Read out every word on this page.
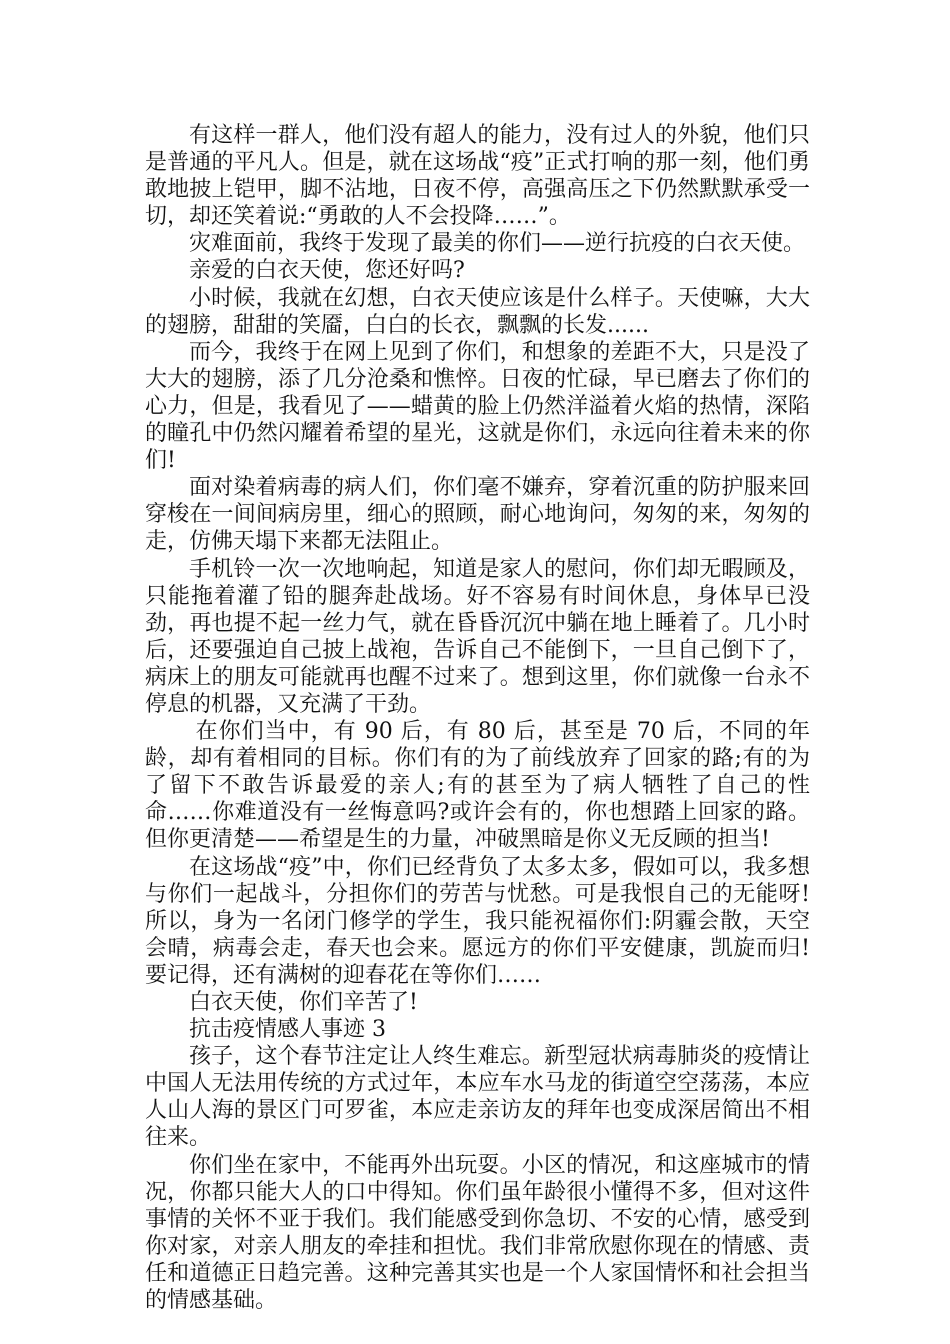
有这样一群人，他们没有超人的能力，没有过人的外貌，他们只是普通的平凡人。但是，就在这场战“疫”正式打响的那一刻，他们勇敢地披上铠甲，脚不沾地，日夜不停，高强高压之下仍然默默承受一切，却还笑着说:“勇敢的人不会投降……”。

灾难面前，我终于发现了最美的你们——逆行抗疫的白衣天使。

亲爱的白衣天使，您还好吗?

小时候，我就在幻想，白衣天使应该是什么样子。天使嘛，大大的翅膀，甜甜的笑靥，白白的长衣，飘飘的长发......

而今，我终于在网上见到了你们，和想象的差距不大，只是没了大大的翅膀，添了几分沧桑和憔悴。日夜的忙碌，早已磨去了你们的心力，但是，我看见了——蜡黄的脸上仍然洋溢着火焰的热情，深陷的瞳孔中仍然闪耀着希望的星光，这就是你们，永远向往着未来的你们!

面对染着病毒的病人们，你们毫不嫌弃，穿着沉重的防护服来回穿梭在一间间病房里，细心的照顾，耐心地询问，匆匆的来，匆匆的走，仿佛天塌下来都无法阻止。

手机铃一次一次地响起，知道是家人的慰问，你们却无暇顾及，只能拖着灌了铅的腿奔赴战场。好不容易有时间休息，身体早已没劲，再也提不起一丝力气，就在昏昏沉沉中躺在地上睡着了。几小时后，还要强迫自己披上战袍，告诉自己不能倒下，一旦自己倒下了，病床上的朋友可能就再也醒不过来了。想到这里，你们就像一台永不停息的机器，又充满了干劲。

在你们当中，有 90 后，有 80 后，甚至是 70 后，不同的年龄，却有着相同的目标。你们有的为了前线放弃了回家的路;有的为了留下不敢告诉最爱的亲人;有的甚至为了病人牺牲了自己的性命……你难道没有一丝悔意吗?或许会有的，你也想踏上回家的路。但你更清楚——希望是生的力量，冲破黑暗是你义无反顾的担当!

在这场战“疫”中，你们已经背负了太多太多，假如可以，我多想与你们一起战斗，分担你们的劳苦与忧愁。可是我恨自己的无能呀!所以，身为一名闭门修学的学生，我只能祝福你们:阴霾会散，天空会晴，病毒会走，春天也会来。愿远方的你们平安健康，凯旋而归!要记得，还有满树的迎春花在等你们……

白衣天使，你们辛苦了!

抗击疫情感人事迹 3

孩子，这个春节注定让人终生难忘。新型冠状病毒肺炎的疫情让中国人无法用传统的方式过年，本应车水马龙的街道空空荡荡，本应人山人海的景区门可罗雀，本应走亲访友的拜年也变成深居简出不相往来。

你们坐在家中，不能再外出玩耍。小区的情况，和这座城市的情况，你都只能大人的口中得知。你们虽年龄很小懂得不多，但对这件事情的关怀不亚于我们。我们能感受到你急切、不安的心情，感受到你对家，对亲人朋友的牵挂和担忧。我们非常欣慰你现在的情感、责任和道德正日趋完善。这种完善其实也是一个人家国情怀和社会担当的情感基础。
